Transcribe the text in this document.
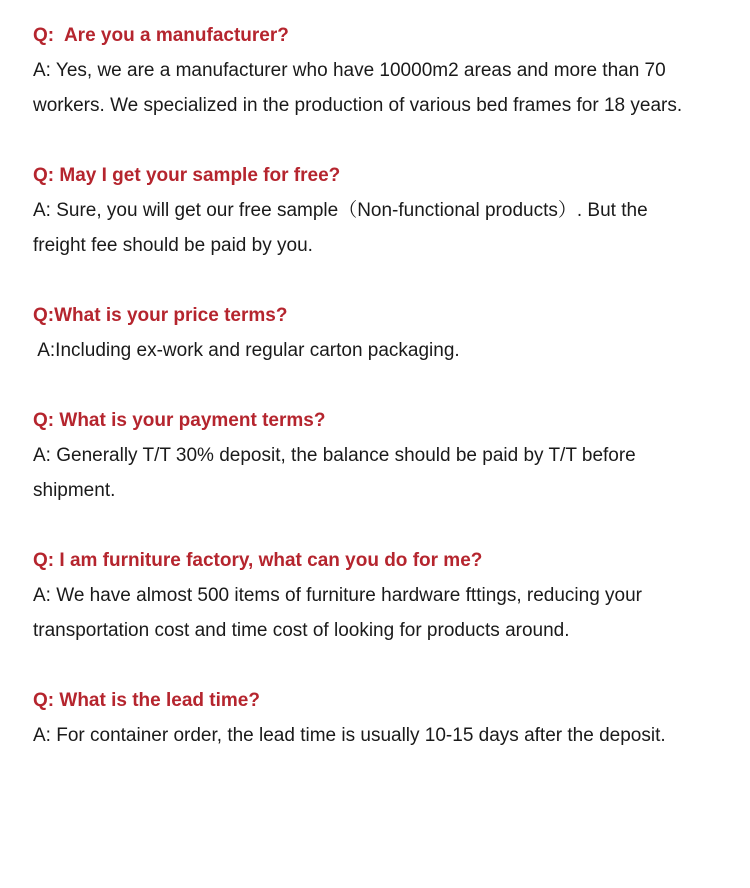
Q:  Are you a manufacturer?

A: Yes, we are a manufacturer who have 10000m2 areas and more than 70
workers. We specialized in the production of various bed frames for 18 years.

Q: May I get your sample for free?

A: Sure, you will get our free sample（Non-functional products）. But the
freight fee should be paid by you.

Q:What is your price terms?

A:Including ex-work and regular carton packaging.

Q: What is your payment terms?

A: Generally T/T 30% deposit, the balance should be paid by T/T before
shipment.

Q: I am furniture factory, what can you do for me?

A: We have almost 500 items of furniture hardware fttings, reducing your
transportation cost and time cost of looking for products around.

Q: What is the lead time?

A: For container order, the lead time is usually 10-15 days after the deposit.
